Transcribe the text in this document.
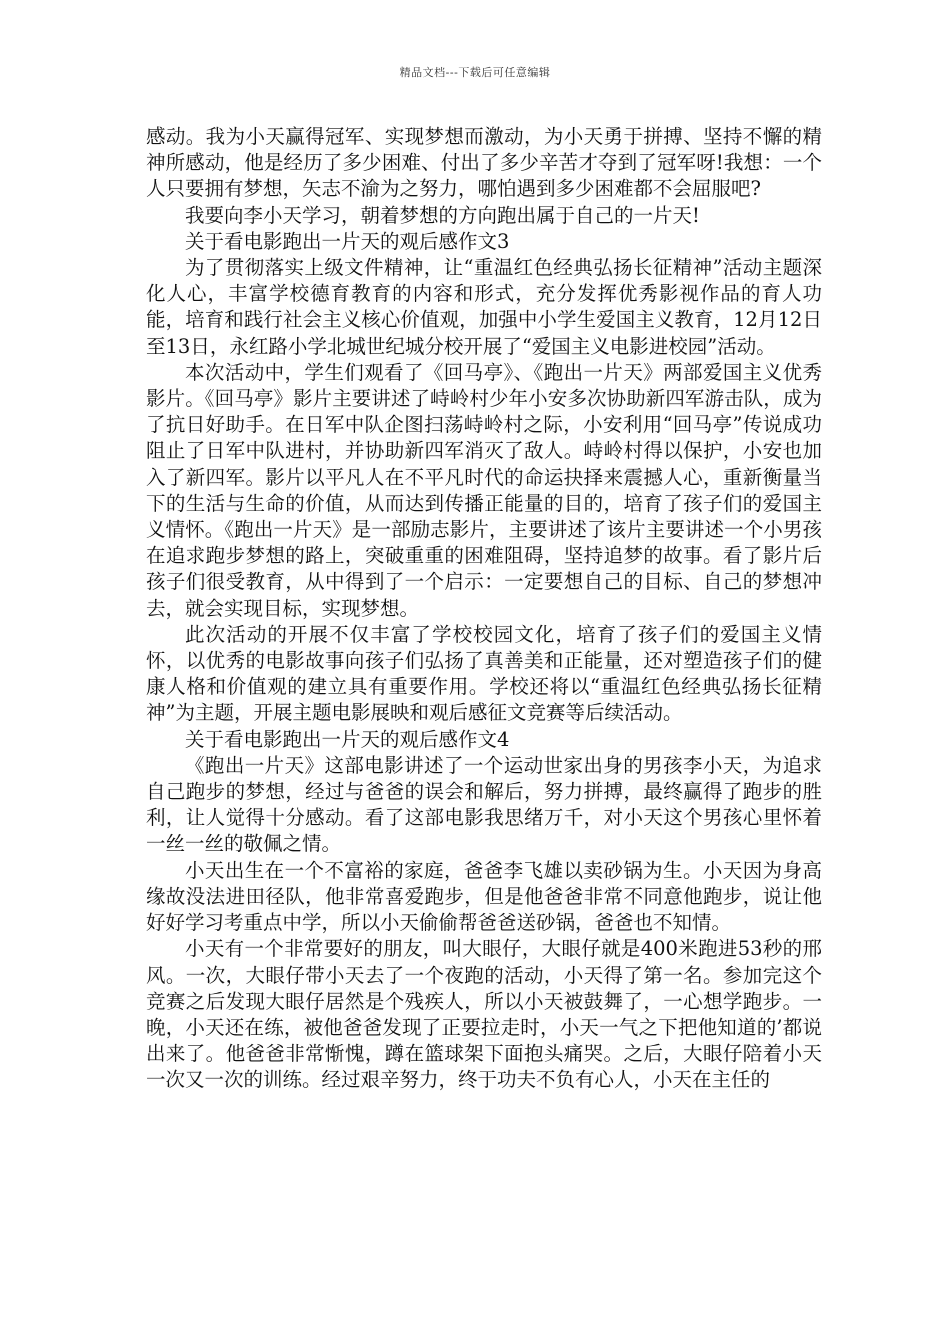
精品文档---下载后可任意编辑

感动。我为小天赢得冠军、实现梦想而激动，为小天勇于拼搏、坚持不懈的精神所感动，他是经历了多少困难、付出了多少辛苦才夺到了冠军呀!我想：一个人只要拥有梦想，矢志不渝为之努力，哪怕遇到多少困难都不会屈服吧?

我要向李小天学习，朝着梦想的方向跑出属于自己的一片天!

关于看电影跑出一片天的观后感作文3

为了贯彻落实上级文件精神，让“重温红色经典弘扬长征精神”活动主题深化人心，丰富学校德育教育的内容和形式，充分发挥优秀影视作品的育人功能，培育和践行社会主义核心价值观，加强中小学生爱国主义教育，12月12日至13日，永红路小学北城世纪城分校开展了“爱国主义电影进校园”活动。

本次活动中，学生们观看了《回马亭》、《跑出一片天》两部爱国主义优秀影片。《回马亭》影片主要讲述了峙岭村少年小安多次协助新四军游击队，成为了抗日好助手。在日军中队企图扫荡峙岭村之际，小安利用“回马亭”传说成功阻止了日军中队进村，并协助新四军消灭了敌人。峙岭村得以保护，小安也加入了新四军。影片以平凡人在不平凡时代的命运抉择来震撼人心，重新衡量当下的生活与生命的价值，从而达到传播正能量的目的，培育了孩子们的爱国主义情怀。《跑出一片天》是一部励志影片，主要讲述了该片主要讲述一个小男孩在追求跑步梦想的路上，突破重重的困难阻碍，坚持追梦的故事。看了影片后孩子们很受教育，从中得到了一个启示：一定要想自己的目标、自己的梦想冲去，就会实现目标，实现梦想。

此次活动的开展不仅丰富了学校校园文化，培育了孩子们的爱国主义情怀，以优秀的电影故事向孩子们弘扬了真善美和正能量，还对塑造孩子们的健康人格和价值观的建立具有重要作用。学校还将以“重温红色经典弘扬长征精神”为主题，开展主题电影展映和观后感征文竞赛等后续活动。

关于看电影跑出一片天的观后感作文4

《跑出一片天》这部电影讲述了一个运动世家出身的男孩李小天，为追求自己跑步的梦想，经过与爸爸的误会和解后，努力拼搏，最终赢得了跑步的胜利，让人觉得十分感动。看了这部电影我思绪万千，对小天这个男孩心里怀着一丝一丝的敬佩之情。

小天出生在一个不富裕的家庭，爸爸李飞雄以卖砂锅为生。小天因为身高缘故没法进田径队，他非常喜爱跑步，但是他爸爸非常不同意他跑步，说让他好好学习考重点中学，所以小天偷偷帮爸爸送砂锅，爸爸也不知情。

小天有一个非常要好的朋友，叫大眼仔，大眼仔就是400米跑进53秒的邢风。一次，大眼仔带小天去了一个夜跑的活动，小天得了第一名。参加完这个竞赛之后发现大眼仔居然是个残疾人，所以小天被鼓舞了，一心想学跑步。一晚，小天还在练，被他爸爸发现了正要拉走时，小天一气之下把他知道的’都说出来了。他爸爸非常惭愧，蹲在篮球架下面抱头痛哭。之后，大眼仔陪着小天一次又一次的训练。经过艰辛努力，终于功夫不负有心人，小天在主任的
